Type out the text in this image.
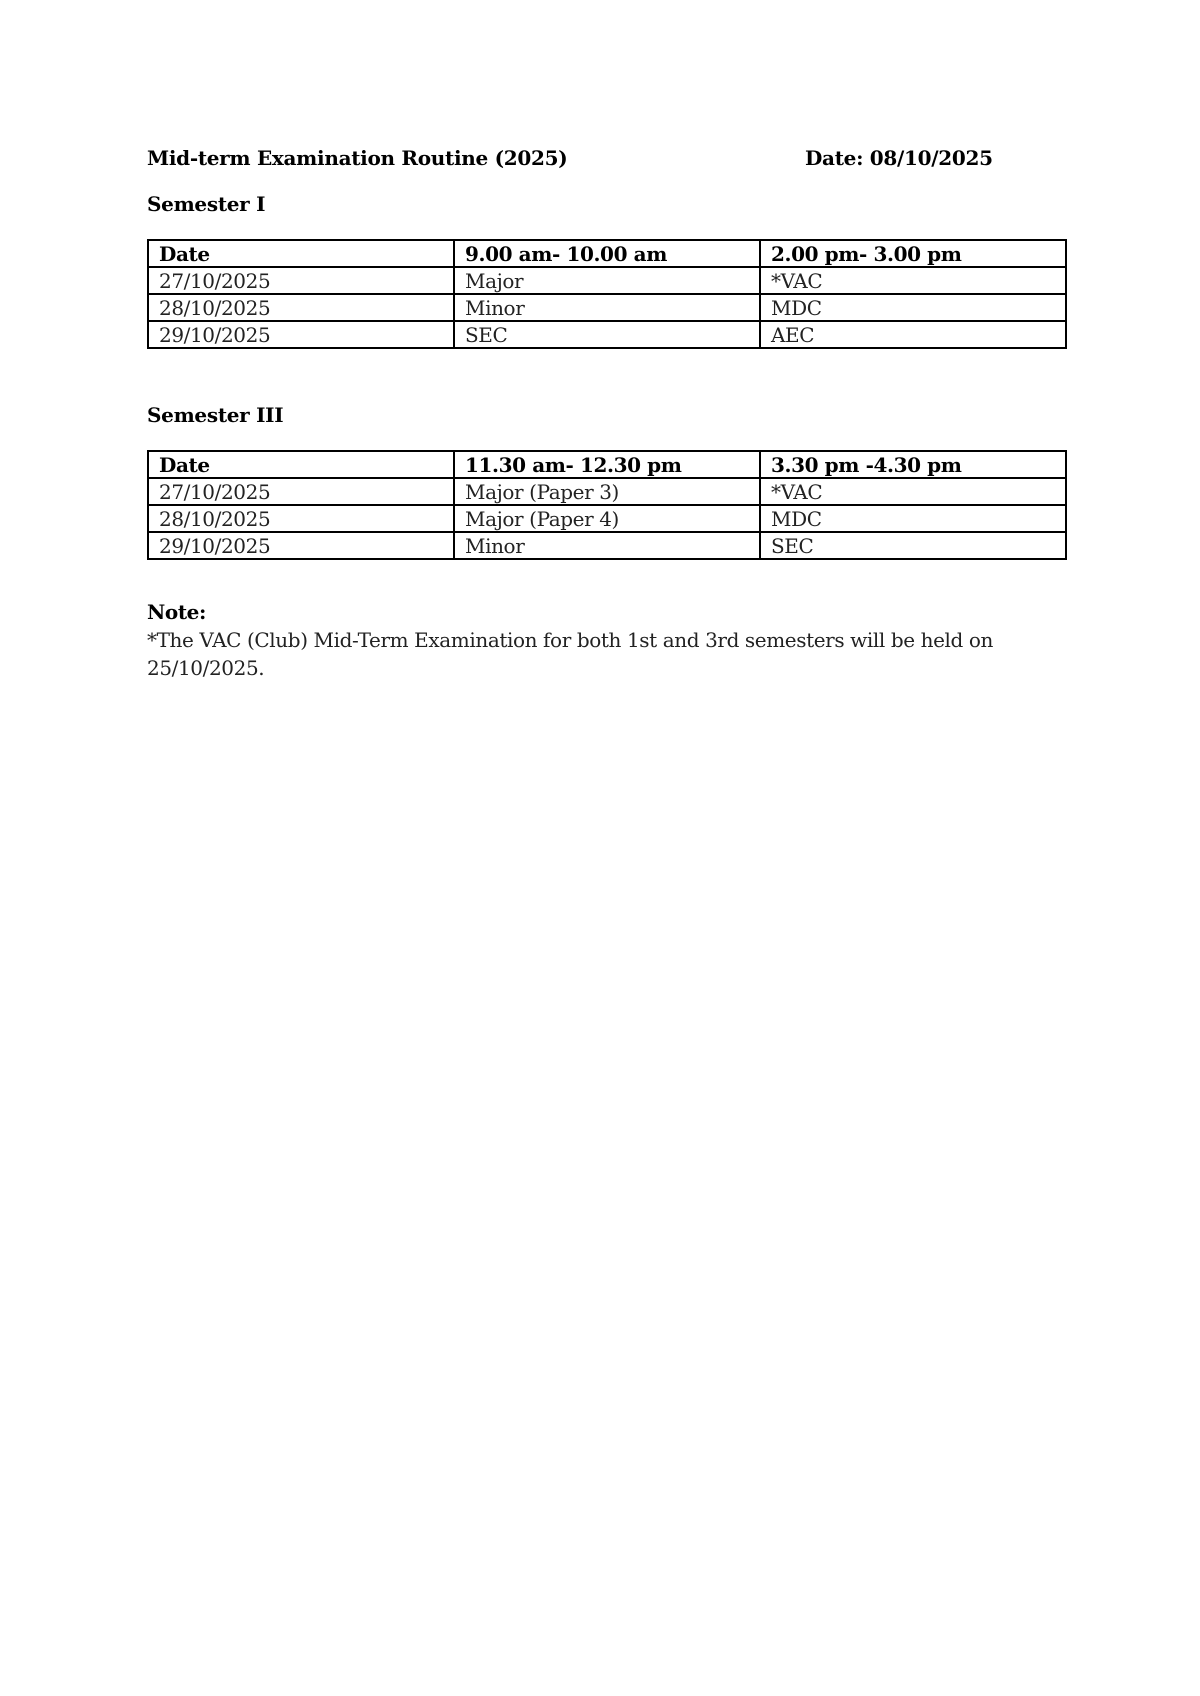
Mid-term Examination Routine (2025)	Date: 08/10/2025
Semester I
Date	9.00 am- 10.00 am	2.00 pm- 3.00 pm
27/10/2025	Major	*VAC
28/10/2025	Minor	MDC
29/10/2025	SEC	AEC
Semester III
Date	11.30 am- 12.30 pm	3.30 pm -4.30 pm
27/10/2025	Major (Paper 3)	*VAC
28/10/2025	Major (Paper 4)	MDC
29/10/2025	Minor	SEC
Note:
*The VAC (Club) Mid-Term Examination for both 1st and 3rd semesters will be held on 25/10/2025.
